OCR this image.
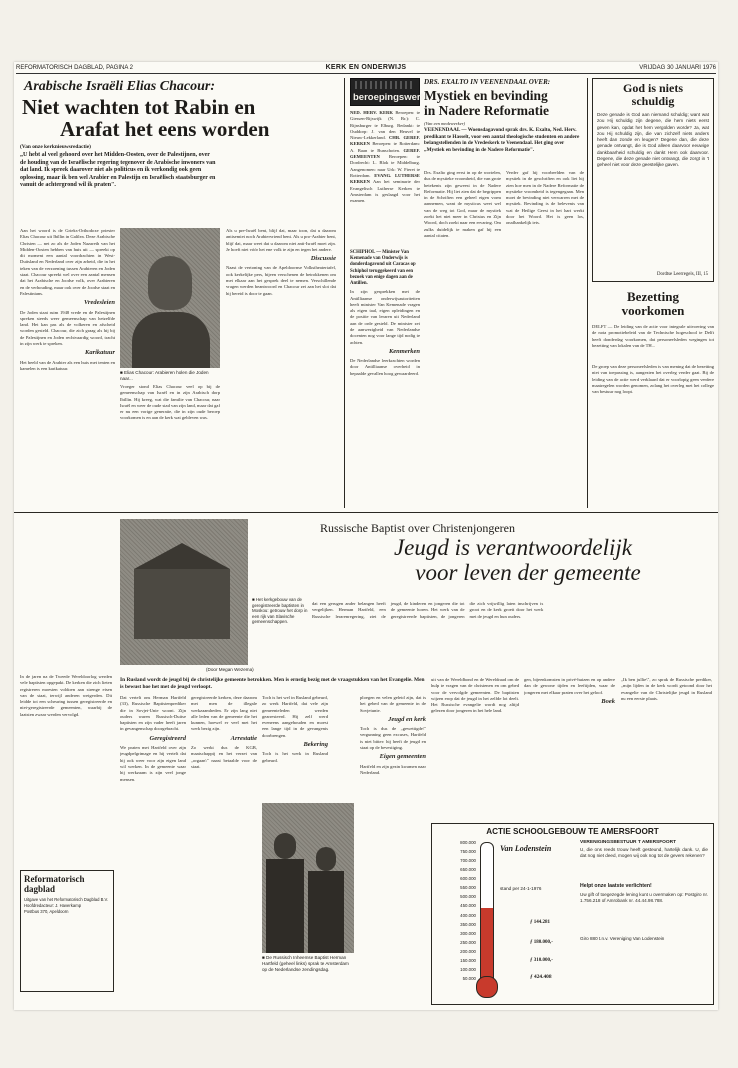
REFORMATORISCH DAGBLAD, PAGINA 2	KERK EN ONDERWIJS	VRIJDAG 30 JANUARI 1976
Arabische Israëli Elias Chacour:
Niet wachten tot Rabin en
Arafat het eens worden
(Van onze kerknieuwsredactie)
„U hebt al veel gehoord over het Midden-Oosten, over de Palestijnen, over de houding van de Israëlische regering tegenover de Arabische inwoners van dat land. Ik spreek daarover niet als politicus en ik verkondig ook geen oplossing, maar ik ben wel Arabier en Palestijn en Israëlisch staatsburger en vanuit de achtergrond wil ik praten".
Aan het woord is de Grieks-Orthodoxe priester Elias Chacour uit Ibillin in Galilea. Deze Arabische Christen — net zo als de Joden Nazareth van het Midden-Oosten hebben van huis uit — spreekt op dit moment een aantal voordrachten in West-Duitsland en Nederland over zijn arbeid, die in het teken van de verzoening tussen Arabieren en Joden staat. Chacour spreekt wel over een aantal mensen dat het Arabische en Joodse volk, over Arabieren en de verhouding, maar ook over de Joodse staat en Palestinians.
Vredesleien
De Joden staat ruim 1948 vrede en de Palestijnen spreken steeds weer gemeenschap van hetzelfde land. Het kan pas als de volkeren en afscheid worden gesteld. Chacour, die zich graag als hij bij de Palestijnen en Joden rechtvaardig woord, tracht in zijn werk te spreken.
Karikatuur
Het beeld van de Arabier als een huis met tenten en kamelen is een karikatuur.
■ Elias Chacour: Arabieren holen die Joden naar...
Vroeger stond Elias Chacour veel op bij de gemeenschap van Israël en in zijn Arabisch dorp Ibillin. Hij kreeg, wat die familie van Chacour, naar Israël en weer de oude stad van zijn land, maar dat gaf er nu een vorige generatie, die in zijn oude beroep voorkomen is en aan de kerk wat gebleven was.
Als u pre-Israël bent, blijf dat, maar toon, dat u daarom antisemiet noch Arabiervriend bent. Als u pro-Arabier bent, blijf dat, maar weet dat u daarom niet anti-Israël moet zijn. Je hoeft niet vóór het ene volk te zijn en tegen het andere.
Discussie
Naast de vertoning van de Apeldoornse Volkstheatertafel, ook kerkelijke pers, bijeen verschenen de betrokkenen om met elkaar aan het gesprek deel te nemen. Verschillende vragen werden beantwoord en Chacour zei aan het slot dat hij bereid is door te gaan.
beroepingswerk
NED. HERV. KERK Beroepen: te Giessen-Rijswijk (N. Br.): C. Rijnsburger te Elburg. Bedankt: te Ouddorp: J. van den Heuvel te Nieuw-Lekkerland. CHR. GEREF. KERKEN Beroepen: te Rotterdam: A. Baan te Bunschoten. GEREF. GEMEENTEN Beroepen: te Dordrecht: L. Blok te Middelburg. Aangenomen: naar Urk: W. Fieret te Rotterdam. EVANG. LUTHERSE KERKEN Aan het seminarie der Evangelisch Lutherse Kerken te Amsterdam is geslaagd voor het examen.
SCHIPHOL — Minister Van Kemenade van Onderwijs is donderdagavond uit Caracas op Schiphol teruggekeerd van een bezoek van enige dagen aan de Antillen.
In zijn gesprekken met de Antilliaanse onderwijsautoriteiten heeft minister Van Kemenade vragen als eigen taal, eigen opleidingen en de positie van leraren uit Nederland aan de orde gesteld. De minister zei de aanwezigheid van Nederlandse docenten nog voor lange tijd nodig te achten.
Kenmerken
De Nederlandse leerkrachten worden door Antilliaanse overheid in bepaalde gevallen hoog gewaardeerd.
DRS. EXALTO IN VEENENDAAL OVER:
Mystiek en bevinding
in Nadere Reformatie
(Van een medewerker)
VEENENDAAL — Woensdagavond sprak drs. K. Exalto, Ned. Herv. predikant te Hasselt, voor een aantal theologische studenten en andere belangstellenden in de Vredeskerk te Veenendaal. Het ging over „Mystiek en bevinding in de Nadere Reformatie".
Drs. Exalto ging eerst in op de wortelen, dus de mystieke vroomheid, die van grote betekenis zijn geweest in de Nadere Reformatie. Hij liet zien dat de begrippen in de Schriften een geheel eigen vorm aannemen, want de mysticus weet wel van de weg tot God, maar de mystiek zoekt het niet meer in Christus en Zijn Woord, doch zoekt naar een ervaring. Om zulks duidelijk te maken gaf hij een aantal citaten.
Verder gaf hij voorbeelden van de mystiek in de geschriften en ook liet hij zien hoe men in de Nadere Reformatie de mystieke vroomheid is tegengegaan. Men moet de bevinding niet verwarren met de mystiek. Bevinding is de belevenis van wat de Heilige Geest in het hart werkt door het Woord. Het is geen los, onafhankelijk iets.
God is niets
schuldig
Deze genade is God aan niemand schuldig; want wat zou Hij schuldig zijn degene, die hem niets eerst geven kan, opdat het hem vergolden worde? Ja, wat zou Hij schuldig zijn, die van zichzelf niets anders heeft dan zonde en leugen? Degene dan, die deze genade ontvangt, die is God alleen daarvoor eeuwige dankbaarheid schuldig en dankt Hem ook daarvoor. Degene, die deze genade niet ontvangt, die zorgt in 't geheel niet voor deze geestelijke gaven.
Dordtse Leerregels, III, 15
Bezetting
voorkomen
DELFT — De leiding van de actie voor integrale uitvoering van de nota promotiebeleid van de Technische hogeschool te Delft heeft donderdag voorkomen, dat personeelsleden wegingen tot bezetting van lokalen van de TH...
De groep van deze personeelsleden is van mening dat de bezetting niet van toepassing is, aangezien het overleg verder gaat. Bij de leiding van de actie werd verklaard dat er voorlopig geen verdere maatregelen worden genomen, zolang het overleg met het college van bestuur nog loopt.
(Door Megan Wezema)
■ Het kerkgebouw van de geregistreerde baptisten in Moskou: getrouw het dorp in een rijk van Slavische gemeenschappen.
Russische Baptist over Christenjongeren
Jeugd is verantwoordelijk
voor leven der gemeente
dat een gerugen ander belangen heeft vergelijken. Herman Hartfeld, een Russische lerarenregering, ziet de jeugd, de kinderen en jongeren die tot de gemeente horen. Het werk van de geregistreerde baptisten, de jongeren die zich vrijwillig laten inschrijven is groot en de kerk groeit door het werk met de jeugd en hun ouders.
In Rusland wordt de jeugd bij de christelijke gemeente betrokken. Men is ernstig bezig met de vraagstukken van het Evangelie. Men is bewust hoe het met de jeugd verloopt.
Dat vertelt ons Herman Hartfeld (33), Russische Baptistenprediker die in Sovjet-Unie woont. Zijn ouders waren Russisch-Duitse baptisten en zijn vader heeft jaren in gevangenschap doorgebracht.
Geregistreerd
We praten met Hartfeld over zijn jeugdpelgrimage en hij vertelt dat hij ook weer voor zijn eigen land wil werken. In de gemeente waar hij werkzaam is zijn veel jonge mensen.
geregistreerde kerken, deze daarom met men de illegale werkzaamheden. Er zijn lang niet alle leden van de gemeente die het kunnen, hoewel er veel met het werk bezig zijn.
Arrestatie
Zo werkt dus de KGB, maatschappij en het verzet van „orgaan\" naast betaalde voor de staat.
Toch is het wel in Rusland gebeurd, zo werk Hartfeld, dat vele zijn gemeenteleden werden gearresteerd. Hij zelf werd eveneens aangehouden en moest een lange tijd in de gevangenis doorbrengen.
Bekering
Toch is het werk in Rusland gebeurd.
■ De Russisch Inheemse Baptist Herman Hartfeld (geheel links) sprak te Amsterdam op de Nederlandse zendingsdag.
ploegen en velen geleid zijn, dat is het gebed van de gemeente in de Sovjetunie.
Jeugd en kerk
Toch is dus de „gewettigde\" vergunning geen excuses, Hartfeld is niet bitter: hij heeft de jeugd en staat op de bevestiging.
Eigen gemeenten
Hartfeld en zijn gezin kwamen naar Nederland.
uit van de Wereldbond en de Wereldraad om de hulp te vragen van de christenen en om gebed voor de vervolgde gemeenten. De baptisten wijzen erop dat de jeugd in het zelfde lot deelt. Het Russische evangelie wordt nog altijd gelezen door jongeren in het hele land.
gen, bijeenkomsten in privé-huizen en op andere dan de gewone tijden en leeftijden, waar de jongeren met elkaar praten over het geloof.
Boek
„Ik ben jullie\", zo sprak de Russische prediker, „mijn lijden in de kerk wordt getoond door het evangelie van de Christelijke jeugd in Rusland nu een eerste plaats.
ACTIE SCHOOLGEBOUW TE AMERSFOORT
800.000
750.000
700.000
650.000
600.000
550.000
500.000
450.000
400.000
350.000
300.000
250.000
200.000
150.000
100.000
50.000
Van Lodenstein
stand per 24-1-1976
ƒ 144.281
ƒ 180.000,-
ƒ 310.000,-
ƒ 424.408
VERENIGINGSBESTUUR T AMERSFOORT
U, die ons reeds trouw heeft gesteund, hartelijk dank. U, die dat nog niet deed, mogen wij ook nog tot de gevers rekenen?
Helpt onze laatste verlichten!
Uw gift of toegezegde lening kunt u overmaken op: Postgiro nr. 1.756.218 of Amrobank nr. 44.44.98.788.
Giro 880 t.n.v. Vereniging Van Lodenstein
Reformatorisch
dagblad
Uitgave van het Reformatorisch Dagblad B.V.
Hoofdredacteur: J. Haverkamp
Postbus 370, Apeldoorn
In de jaren na de Tweede Wereldoorlog werden vele baptisten opgepakt. De kerken die zich lieten registreren moesten voldoen aan strenge eisen van de staat, terwijl anderen weigerden. Dit leidde tot een scheuring tussen geregistreerde en niet-geregistreerde gemeenten, waarbij de laatsten zwaar werden vervolgd.
